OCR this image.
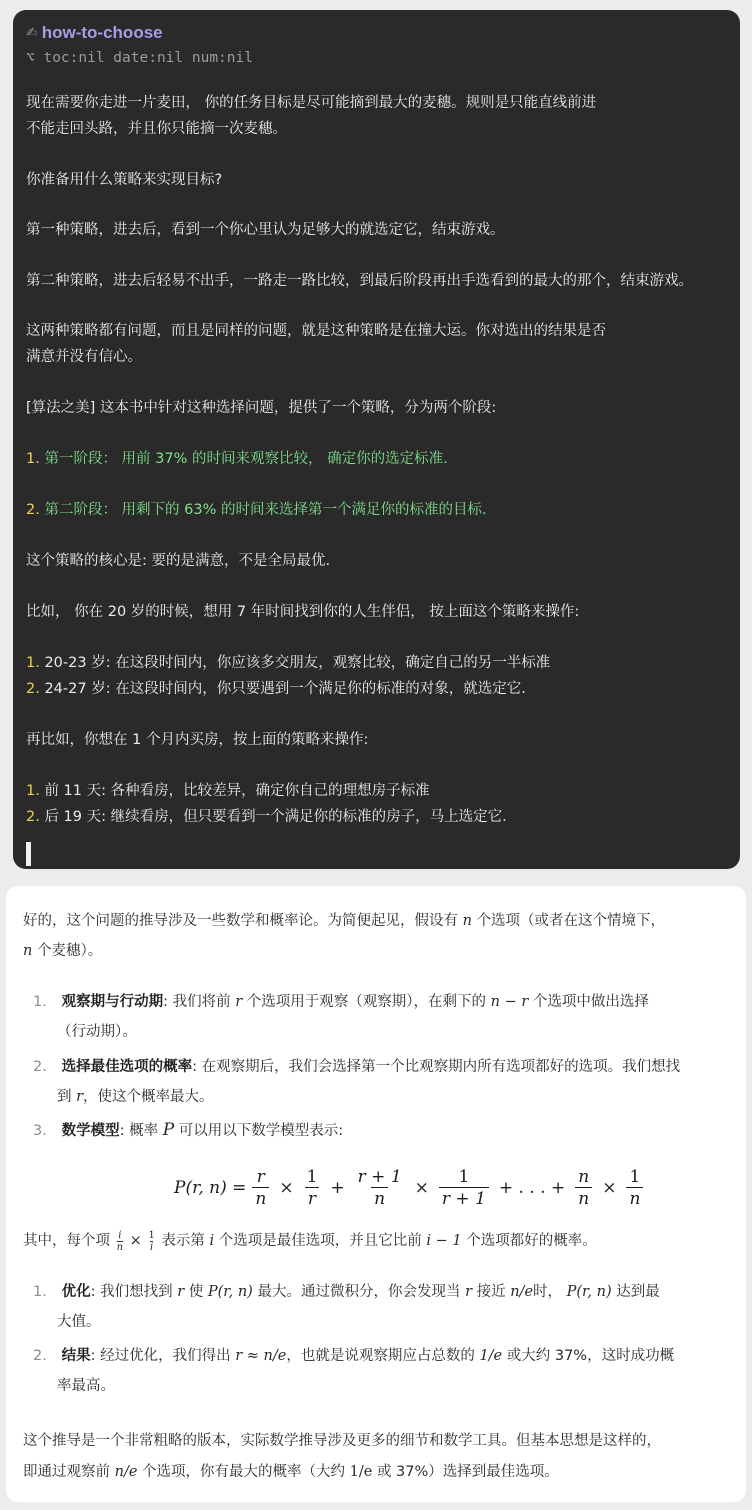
✍ how-to-choose
⌥ toc:nil date:nil num:nil
现在需要你走进一片麦田， 你的任务目标是尽可能摘到最大的麦穗。规则是只能直线前进
不能走回头路，并且你只能摘一次麦穗。
你准备用什么策略来实现目标?
第一种策略，进去后，看到一个你心里认为足够大的就选定它，结束游戏。
第二种策略，进去后轻易不出手，一路走一路比较，到最后阶段再出手选看到的最大的那个，结束游戏。
这两种策略都有问题，而且是同样的问题，就是这种策略是在撞大运。你对选出的结果是否
满意并没有信心。
[算法之美] 这本书中针对这种选择问题，提供了一个策略，分为两个阶段:
这个策略的核心是: 要的是满意，不是全局最优.
比如， 你在 20 岁的时候，想用 7 年时间找到你的人生伴侣， 按上面这个策略来操作:
再比如，你想在 1 个月内买房，按上面的策略来操作:
1. 第一阶段： 用前 37% 的时间来观察比较， 确定你的选定标准.
2. 第二阶段： 用剩下的 63% 的时间来选择第一个满足你的标准的目标.
1. 20-23 岁: 在这段时间内，你应该多交朋友，观察比较，确定自己的另一半标准
2. 24-27 岁: 在这段时间内，你只要遇到一个满足你的标准的对象，就选定它.
1. 前 11 天: 各种看房，比较差异，确定你自己的理想房子标准
2. 后 19 天: 继续看房，但只要看到一个满足你的标准的房子，马上选定它.
好的，这个问题的推导涉及一些数学和概率论。为简便起见，假设有 n 个选项（或者在这个情境下，
n 个麦穗）。
1. 观察期与行动期: 我们将前 r 个选项用于观察（观察期），在剩下的 n − r 个选项中做出选择
（行动期）。
2. 选择最佳选项的概率: 在观察期后，我们会选择第一个比观察期内所有选项都好的选项。我们想找
到 r，使这个概率最大。
3. 数学模型: 概率 P 可以用以下数学模型表示:
P(r, $n) = \frac{r}{n} \times \frac{1}{r} + \frac{r + 1}{n} \times \frac{1}{r + 1}$ + . . . + $\frac{n}{n} \times \frac{1}{n}$
其中，每个项 $\frac{i}{n} \times \frac{1}{i}$ 表示第 i 个选项是最佳选项，并且它比前 i − 1 个选项都好的概率。
1. 优化: 我们想找到 r 使 P(r, n) 最大。通过微积分，你会发现当 r 接近 n/e时， P(r, n) 达到最
大值。
2. 结果: 经过优化，我们得出 r ≈ n/e，也就是说观察期应占总数的 1/e 或大约 37%，这时成功概
率最高。
这个推导是一个非常粗略的版本，实际数学推导涉及更多的细节和数学工具。但基本思想是这样的，
即通过观察前 n/e 个选项，你有最大的概率（大约 1/e 或 37%）选择到最佳选项。
